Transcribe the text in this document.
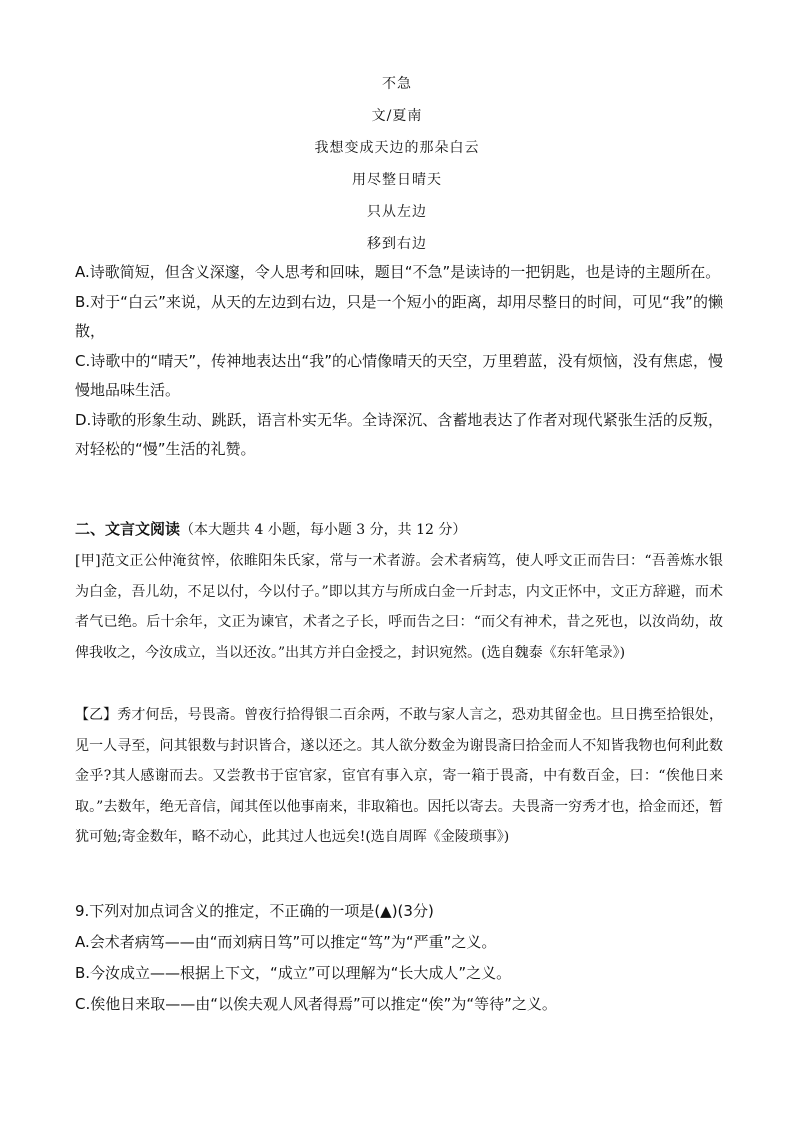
不急
文/夏南
我想变成天边的那朵白云
用尽整日晴天
只从左边
移到右边

A.诗歌简短，但含义深邃，令人思考和回味，题目“不急”是读诗的一把钥匙，也是诗的主题所在。

B.对于“白云”来说，从天的左边到右边，只是一个短小的距离，却用尽整日的时间，可见“我”的懒散，

C.诗歌中的“晴天”，传神地表达出“我”的心情像晴天的天空，万里碧蓝，没有烦恼，没有焦虑，慢慢地品味生活。

D.诗歌的形象生动、跳跃，语言朴实无华。全诗深沉、含蓄地表达了作者对现代紧张生活的反叛，对轻松的“慢”生活的礼赞。

二、文言文阅读（本大题共 4 小题，每小题 3 分，共 12 分）

[甲]范文正公仲淹贫悴，依睢阳朱氏家，常与一术者游。会术者病笃，使人呼文正而告曰：“吾善炼水银为白金，吾儿幼，不足以付，今以付子。”即以其方与所成白金一斤封志，内文正怀中，文正方辞避，而术者气已绝。后十余年，文正为谏官，术者之子长，呼而告之曰：“而父有神术，昔之死也，以汝尚幼，故俾我收之，今汝成立，当以还汝。”出其方并白金授之，封识宛然。(选自魏泰《东轩笔录》)

【乙】秀才何岳，号畏斋。曾夜行拾得银二百余两，不敢与家人言之，恐劝其留金也。旦日携至拾银处，见一人寻至，问其银数与封识皆合，遂以还之。其人欲分数金为谢畏斋曰拾金而人不知皆我物也何利此数金乎?其人感谢而去。又尝教书于宦官家，宦官有事入京，寄一箱于畏斋，中有数百金，曰：“俟他日来取。”去数年，绝无音信，闻其侄以他事南来，非取箱也。因托以寄去。夫畏斋一穷秀才也，拾金而还，暂犹可勉;寄金数年，略不动心，此其过人也远矣!(选自周晖《金陵琐事》)

9.下列对加点词含义的推定，不正确的一项是(▲)(3分)

A.会术者病笃——由“而刘病日笃”可以推定“笃”为“严重”之义。

B.今汝成立——根据上下文，“成立”可以理解为“长大成人”之义。

C.俟他日来取——由“以俟夫观人风者得焉”可以推定“俟”为“等待”之义。
